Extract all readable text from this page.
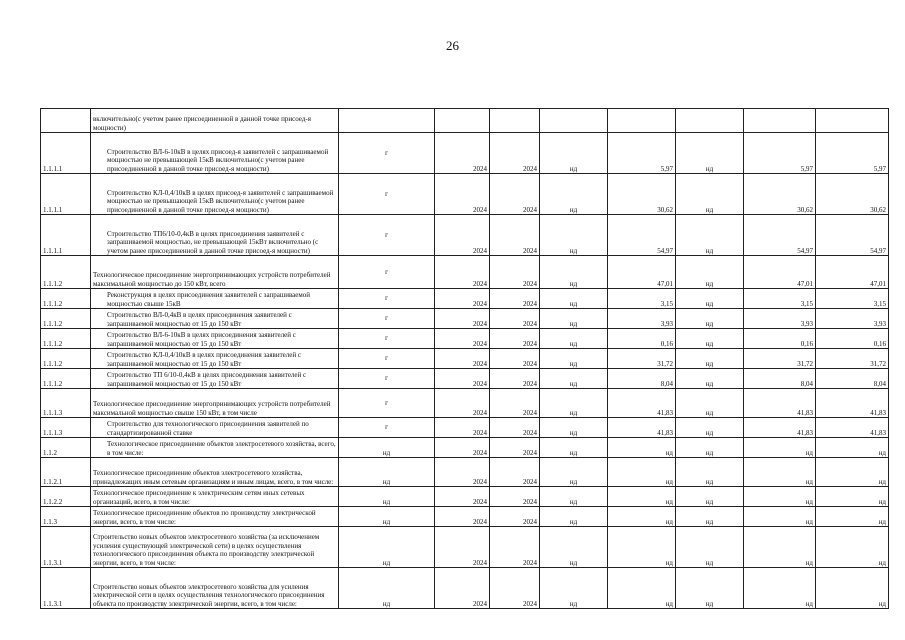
26
	включительно(с учетом ранее присоединенной в данной точке присоед-я мощности)								
1.1.1.1	Строительство ВЛ-6-10кВ в целях присоед-я заявителей с запрашиваемой мощностью не превышающей 15кВ включительно(с учетом ранее присоединенной в данной точке присоед-я мощности)	г	2024	2024	нд	5,97	нд	5,97	5,97
1.1.1.1	Строительство КЛ-0,4/10кВ в целях присоед-я заявителей с запрашиваемой мощностью не превышающей 15кВ включительно(с учетом ранее присоединенной в данной точке присоед-я мощности)	г	2024	2024	нд	30,62	нд	30,62	30,62
1.1.1.1	Строительство ТП6/10-0,4кВ в целях присоединения заявителей с запрашиваемой мощностью, не превышающей 15кВт включительно (с учетом ранее присоединенной в данной точке присоед-я мощности)	г	2024	2024	нд	54,97	нд	54,97	54,97
1.1.1.2	Технологическое присоединение энергопринимающих устройств потребителей максимальной мощностью до 150 кВт, всего	г	2024	2024	нд	47,01	нд	47,01	47,01
1.1.1.2	Реконструкция в целях присоединения заявителей с запрашиваемой мощностью свыше 15кВ	г	2024	2024	нд	3,15	нд	3,15	3,15
1.1.1.2	Строительство ВЛ-0,4кВ в целях присоединения заявителей с запрашиваемой мощностью от 15 до 150 кВт	г	2024	2024	нд	3,93	нд	3,93	3,93
1.1.1.2	Строительство ВЛ-6-10кВ в целях присоединения заявителей с запрашиваемой мощностью от 15 до 150 кВт	г	2024	2024	нд	0,16	нд	0,16	0,16
1.1.1.2	Строительство КЛ-0,4/10кВ в целях присоединения заявителей с запрашиваемой мощностью от 15 до 150 кВт	г	2024	2024	нд	31,72	нд	31,72	31,72
1.1.1.2	Строительство ТП 6/10-0,4кВ в целях присоединения заявителей с запрашиваемой мощностью от 15 до 150 кВт	г	2024	2024	нд	8,04	нд	8,04	8,04
1.1.1.3	Технологическое присоединение энергопринимающих устройств потребителей максимальной мощностью свыше 150 кВт, в том числе	г	2024	2024	нд	41,83	нд	41,83	41,83
1.1.1.3	Строительство для технологического присоединения заявителей по стандартизированной ставке	г	2024	2024	нд	41,83	нд	41,83	41,83
1.1.2	Технологическое присоединение объектов электросетевого хозяйства, всего, в том числе:	нд	2024	2024	нд	нд	нд	нд	нд
1.1.2.1	Технологическое присоединение объектов электросетевого хозяйства, принадлежащих иным сетевым организациям и иным лицам, всего, в том числе:	нд	2024	2024	нд	нд	нд	нд	нд
1.1.2.2	Технологическое присоединение к электрическим сетям иных сетевых организаций, всего, в том числе:	нд	2024	2024	нд	нд	нд	нд	нд
1.1.3	Технологическое присоединение объектов по производству электрической энергии, всего, в том числе:	нд	2024	2024	нд	нд	нд	нд	нд
1.1.3.1	Строительство новых объектов электросетевого хозяйства (за исключением усиления существующей электрической сети) в целях осуществления технологического присоединения объекта по производству электрической энергии, всего, в том числе:	нд	2024	2024	нд	нд	нд	нд	нд
1.1.3.1	Строительство новых объектов электросетевого хозяйства для усиления электрической сети в целях осуществления технологического присоединения объекта по производству электрической энергии, всего, в том числе:	нд	2024	2024	нд	нд	нд	нд	нд
